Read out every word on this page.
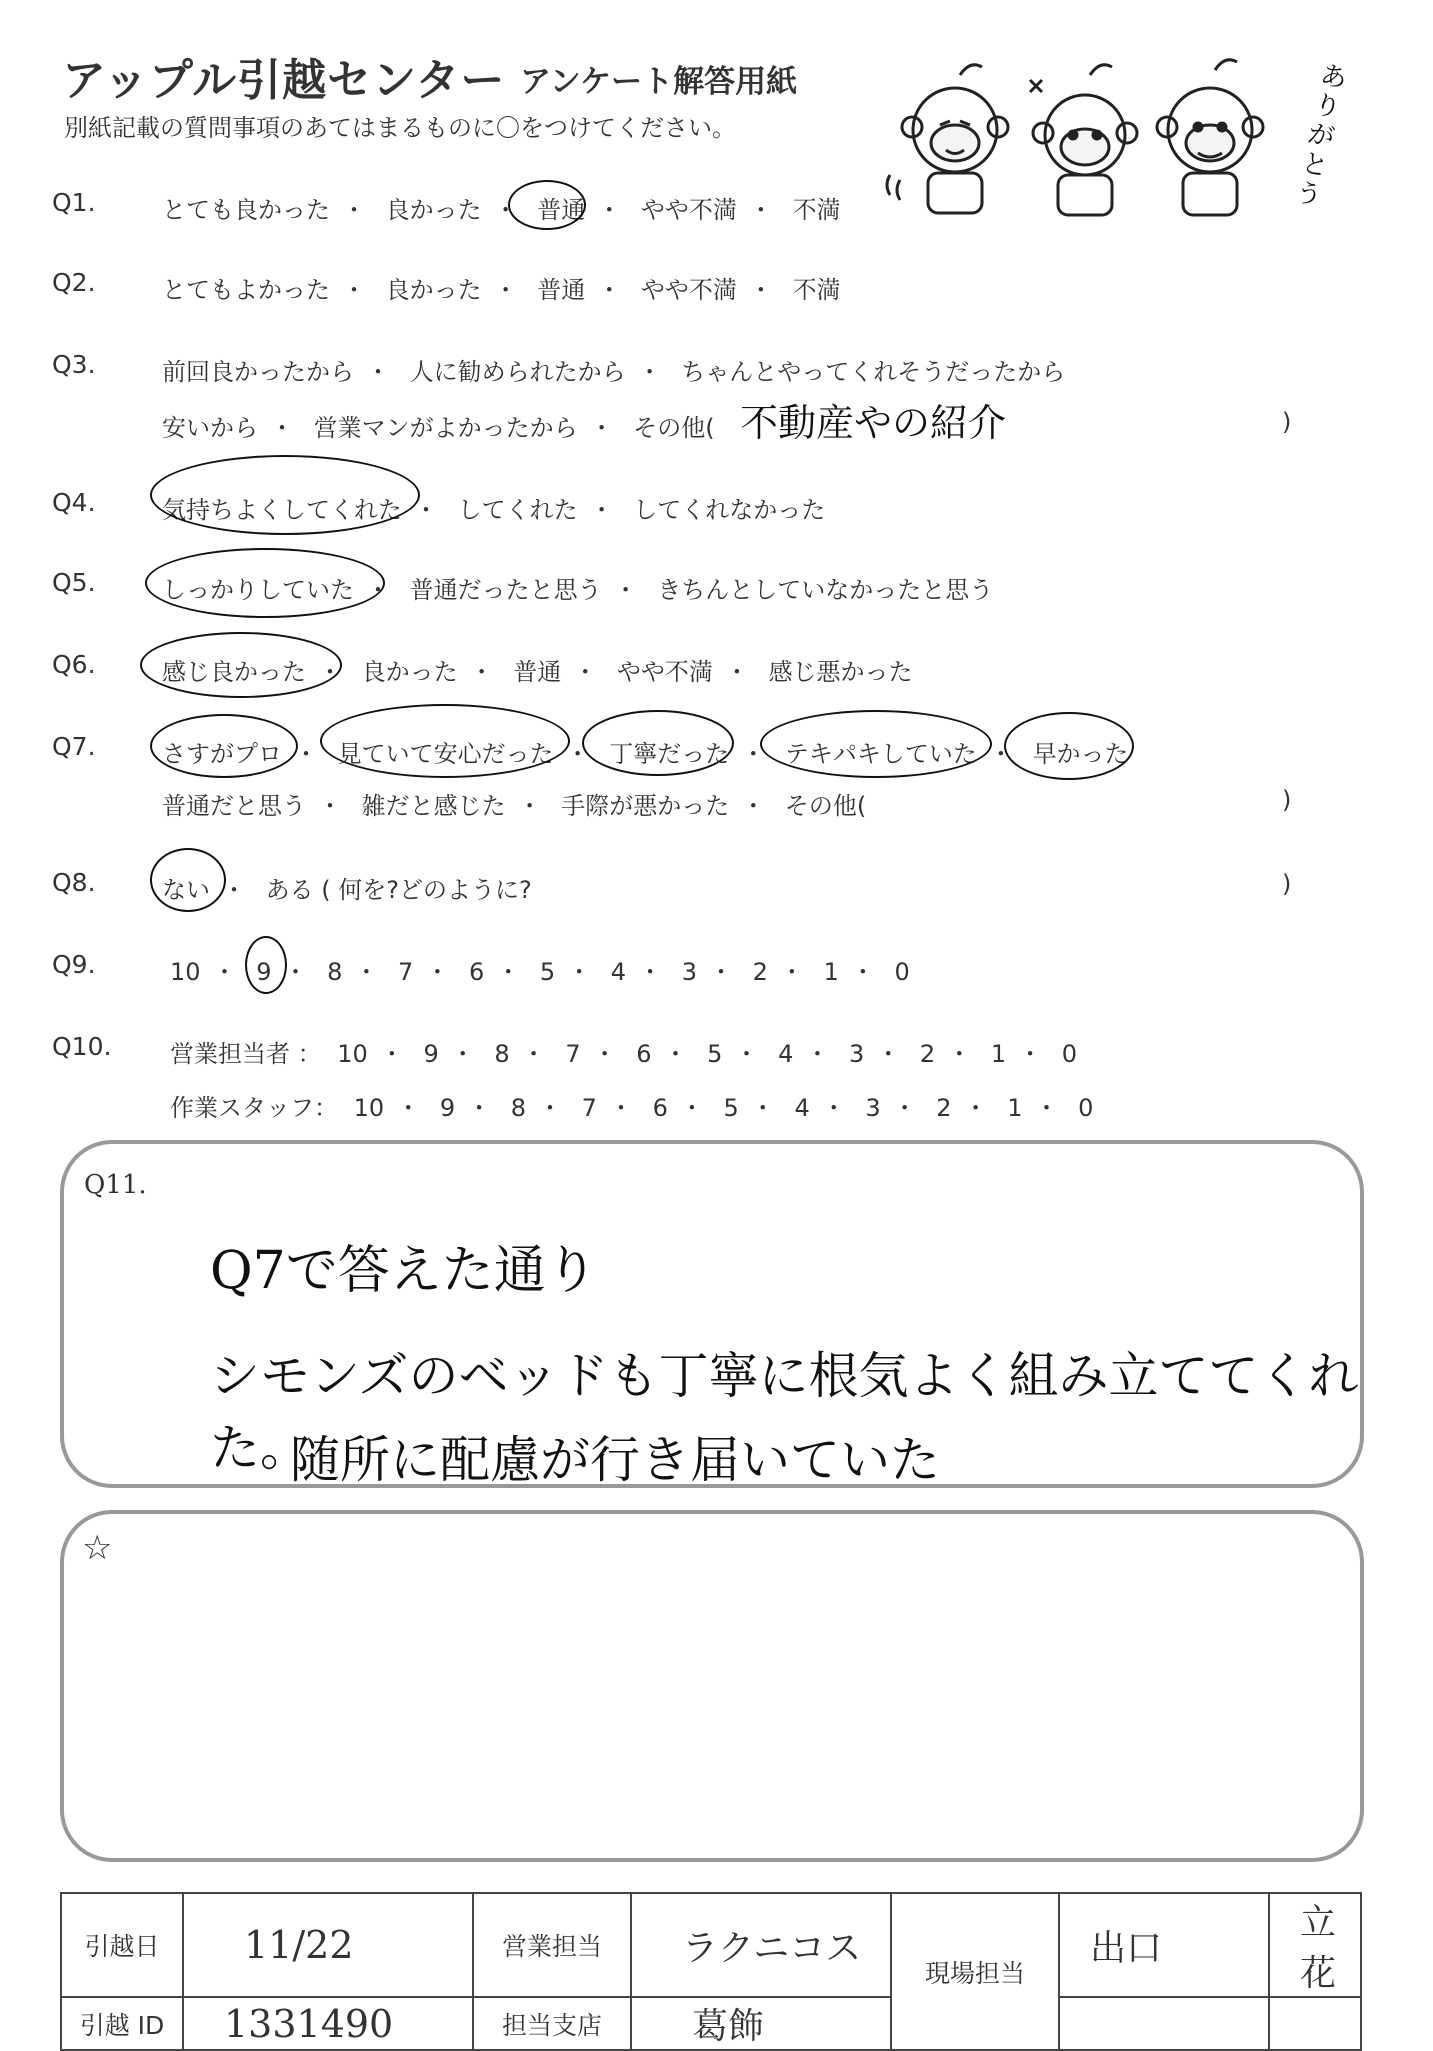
アップル引越センター アンケート解答用紙
別紙記載の質問事項のあてはまるものに〇をつけてください。
ありがとう
Q1.	とても良かった ・ 良かった ・ 普通 ・ やや不満 ・ 不満
Q2.	とてもよかった ・ 良かった ・ 普通 ・ やや不満 ・ 不満
Q3.	前回良かったから ・ 人に勧められたから ・ ちゃんとやってくれそうだったから
安いから ・ 営業マンがよかったから ・ その他( 不動産やの紹介	)
Q4.	気持ちよくしてくれた ・ してくれた ・ してくれなかった
Q5.	しっかりしていた ・ 普通だったと思う ・ きちんとしていなかったと思う
Q6.	感じ良かった ・ 良かった ・ 普通 ・ やや不満 ・ 感じ悪かった
Q7.	さすがプロ ・ 見ていて安心だった ・ 丁寧だった ・ テキパキしていた ・ 早かった
普通だと思う ・ 雑だと感じた ・ 手際が悪かった ・ その他(	)
Q8.	ない ・ ある ( 何を?どのように?	)
Q9.	10 ・ 9 ・ 8 ・ 7 ・ 6 ・ 5 ・ 4 ・ 3 ・ 2 ・ 1 ・ 0
Q10. 営業担当者 ： 10 ・ 9 ・ 8 ・ 7 ・ 6 ・ 5 ・ 4 ・ 3 ・ 2 ・ 1 ・ 0
作業スタッフ： 10 ・ 9 ・ 8 ・ 7 ・ 6 ・ 5 ・ 4 ・ 3 ・ 2 ・ 1 ・ 0
Q11.
Q7で答えた通り
シモンズのベッドも丁寧に根気よく組み立ててくれた。
随所に配慮が行き届いていた
☆
引越日	11/22	営業担当	ラクニコス	現場担当	出口	立花
引越 ID	1331490	担当支店	葛飾			
